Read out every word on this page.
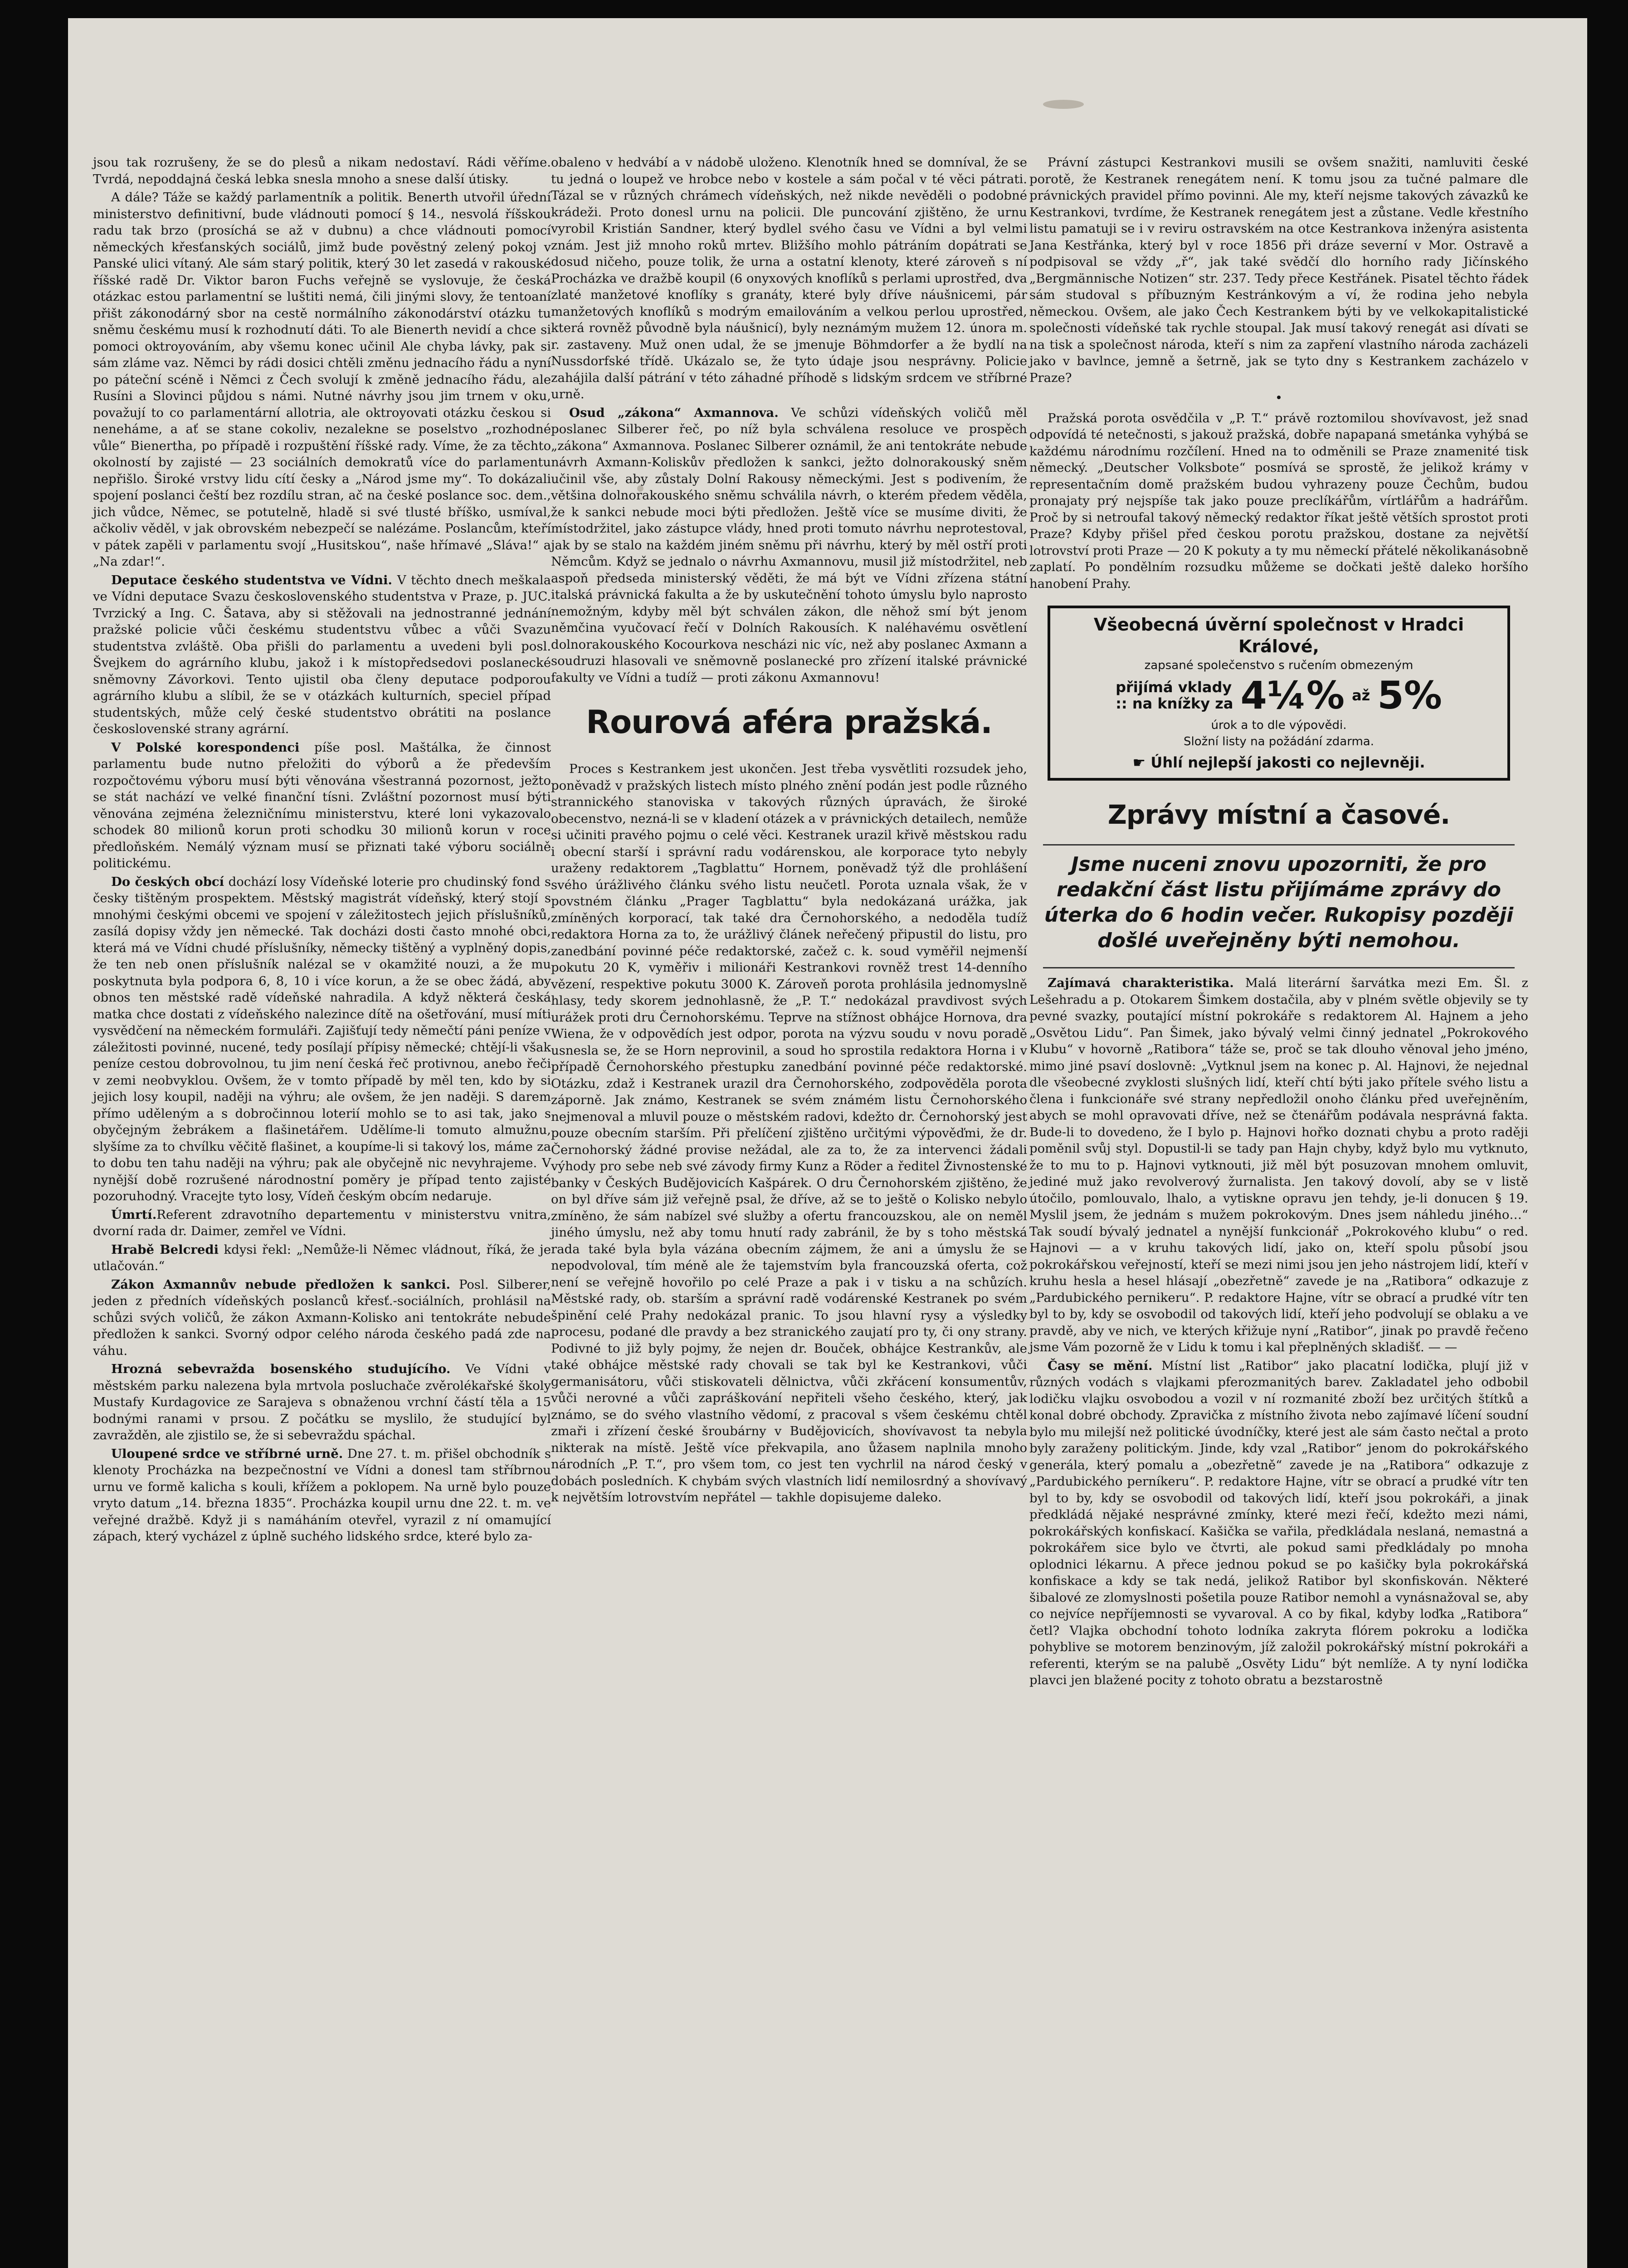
jsou tak rozrušeny, že se do plesů a nikam nedostaví. Rádi věříme. Tvrdá, nepoddajná česká lebka snesla mnoho a snese další útisky.

A dále? Táže se každý parlamentník a politik. Benerth utvořil úřední ministerstvo definitivní, bude vládnouti pomocí § 14., nesvolá říšskou radu tak brzo (prosíchá se až v dubnu) a chce vládnouti pomocí německých křesťanských sociálů, jimž bude pověstný zelený pokoj v Panské ulici vítaný. Ale sám starý politik, který 30 let zasedá v rakouské říšské radě Dr. Viktor baron Fuchs veřejně se vyslovuje, že česká otázkac estou parlamentní se luštiti nemá, čili jinými slovy, že tentoaní přišt zákonodárný sbor na cestě normálního zákonodárství otázku tu sněmu českému musí k rozhodnutí dáti. To ale Bienerth nevidí a chce si pomoci oktroyováním, aby všemu konec učinil Ale chyba lávky, pak si sám zláme vaz. Němci by rádi dosici chtěli změnu jednacího řádu a nyní po páteční scéně i Němci z Čech svolují k změně jednacího řádu, ale Rusíni a Slovinci půjdou s námi. Nutné návrhy jsou jim trnem v oku, považují to co parlamentární allotria, ale oktroyovati otázku českou si neneháme, a ať se stane cokoliv, nezalekne se poselstvo „rozhodné vůle“ Bienertha, po případě i rozpuštění říšské rady. Víme, že za těchto okolností by zajisté — 23 sociálních demokratů více do parlamentu nepřišlo. Široké vrstvy lidu cítí česky a „Národ jsme my“. To dokázali spojení poslanci čeští bez rozdílu stran, ač na české poslance soc. dem., jich vůdce, Němec, se potutelně, hladě si své tlusté bříško, usmíval, ačkoliv věděl, v jak obrovském nebezpečí se nalézáme. Poslancům, kteří v pátek zapěli v parlamentu svojí „Husitskou“, naše hřímavé „Sláva!“ a „Na zdar!“.

Deputace českého studentstva ve Vídni. V těchto dnech meškala ve Vídni deputace Svazu československého studentstva v Praze, p. JUC. Tvrzický a Ing. C. Šatava, aby si stěžovali na jednostranné jednání pražské policie vůči českému studentstvu vůbec a vůči Svazu studentstva zvláště. Oba přišli do parlamentu a uvedeni byli posl. Švejkem do agrárního klubu, jakož i k místopředsedovi poslanecké sněmovny Závorkovi. Tento ujistil oba členy deputace podporou agrárního klubu a slíbil, že se v otázkách kulturních, speciel případ studentských, může celý české studentstvo obrátiti na poslance československé strany agrární.

V Polské korespondenci píše posl. Maštálka, že činnost parlamentu bude nutno přeložiti do výborů a že především rozpočtovému výboru musí býti věnována všestranná pozornost, ježto se stát nachází ve velké finanční tísni. Zvláštní pozornost musí býti věnována zejména železničnímu ministerstvu, které loni vykazovalo schodek 80 milionů korun proti schodku 30 milionů korun v roce předloňském. Nemálý význam musí se přiznati také výboru sociálně politickému.

Do českých obcí dochází losy Vídeňské loterie pro chudinský fond s česky tištěným prospektem. Městský magistrát vídeňský, který stojí s mnohými českými obcemi ve spojení v záležitostech jejich příslušníků, zasílá dopisy vždy jen německé. Tak docházi dosti často mnohé obci, která má ve Vídni chudé příslušníky, německy tištěný a vyplněný dopis, že ten neb onen příslušník nalézal se v okamžité nouzi, a že mu poskytnuta byla podpora 6, 8, 10 i více korun, a že se obec žádá, aby obnos ten městské radě vídeňské nahradila. A když některá česká matka chce dostati z vídeňského nalezince dítě na ošetřování, musí míti vysvědčení na německém formuláři. Zajišťují tedy němečtí páni peníze v záležitosti povinné, nucené, tedy posílají přípisy německé; chtějí-li však peníze cestou dobrovolnou, tu jim není česká řeč protivnou, anebo řeči v zemi neobvyklou. Ovšem, že v tomto případě by měl ten, kdo by si jejich losy koupil, naději na výhru; ale ovšem, že jen naději. S darem přímo uděleným a s dobročinnou loterií mohlo se to asi tak, jako s obyčejným žebrákem a flašinetářem. Udělíme-li tomuto almužnu, slyšíme za to chvílku věčitě flašinet, a koupíme-li si takový los, máme za to dobu ten tahu naději na výhru; pak ale obyčejně nic nevyhrajeme. V nynější době rozrušené národnostní poměry je případ tento zajisté pozoruhodný. Vracejte tyto losy, Vídeň českým obcím nedaruje.

Úmrtí.Referent zdravotního departementu v ministerstvu vnitra, dvorní rada dr. Daimer, zemřel ve Vídni.

Hrabě Belcredi kdysi řekl: „Nemůže-li Němec vládnout, říká, že je utlačován.“

Zákon Axmannův nebude předložen k sankci. Posl. Silberer, jeden z předních vídeňských poslanců křesť.-sociálních, prohlásil na schůzi svých voličů, že zákon Axmann-Kolisko ani tentokráte nebude předložen k sankci. Svorný odpor celého národa českého padá zde na váhu.

Hrozná sebevražda bosenského studujícího. Ve Vídni v městském parku nalezena byla mrtvola posluchače zvěrolékařské školy Mustafy Kurdagovice ze Sarajeva s obnaženou vrchní částí těla a 15 bodnými ranami v prsou. Z počátku se myslilo, že studující byl zavražděn, ale zjistilo se, že si sebevraždu spáchal.

Uloupené srdce ve stříbrné urně. Dne 27. t. m. přišel obchodník s klenoty Procházka na bezpečnostní ve Vídni a donesl tam stříbrnou urnu ve formě kalicha s kouli, křížem a poklopem. Na urně bylo pouze vryto datum „14. března 1835“. Procházka koupil urnu dne 22. t. m. ve veřejné dražbě. Když ji s namáháním otevřel, vyrazil z ní omamující zápach, který vycházel z úplně suchého lidského srdce, které bylo za-

obaleno v hedvábí a v nádobě uloženo. Klenotník hned se domníval, že se tu jedná o loupež ve hrobce nebo v kostele a sám počal v té věci pátrati. Tázal se v různých chrámech vídeňských, než nikde nevěděli o podobné krádeži. Proto donesl urnu na policii. Dle puncování zjištěno, že urnu vyrobil Kristián Sandner, který bydlel svého času ve Vídni a byl velmi znám. Jest již mnoho roků mrtev. Bližšího mohlo pátráním dopátrati se dosud ničeho, pouze tolik, že urna a ostatní klenoty, které zároveň s ní Procházka ve dražbě koupil (6 onyxových knoflíků s perlami uprostřed, dva zlaté manžetové knoflíky s granáty, které byly dříve náušnicemi, pár manžetových knoflíků s modrým emailováním a velkou perlou uprostřed, která rovněž původně byla náušnicí), byly neznámým mužem 12. února m. r. zastaveny. Muž onen udal, že se jmenuje Böhmdorfer a že bydlí na Nussdorfské třídě. Ukázalo se, že tyto údaje jsou nesprávny. Policie zahájila další pátrání v této záhadné příhodě s lidským srdcem ve stříbrné urně.

Osud „zákona“ Axmannova. Ve schůzi vídeňských voličů měl poslanec Silberer řeč, po níž byla schválena resoluce ve prospěch „zákona“ Axmannova. Poslanec Silberer oznámil, že ani tentokráte nebude návrh Axmann-Koliskův předložen k sankci, ježto dolnorakouský sněm učinil vše, aby zůstaly Dolní Rakousy německými. Jest s podivením, že většina dolnorakouského sněmu schválila návrh, o kterém předem věděla, že k sankci nebude moci býti předložen. Ještě více se musíme diviti, že místodržitel, jako zástupce vlády, hned proti tomuto návrhu neprotestoval, jak by se stalo na každém jiném sněmu při návrhu, který by měl ostří proti Němcům. Když se jednalo o návrhu Axmannovu, musil již místodržitel, neb aspoň předseda ministerský věděti, že má být ve Vídni zřízena státní italská právnická fakulta a že by uskutečnění tohoto úmyslu bylo naprosto nemožným, kdyby měl být schválen zákon, dle něhož smí být jenom němčina vyučovací řečí v Dolních Rakousích. K naléhavému osvětlení dolnorakouského Kocourkova nescházi nic víc, než aby poslanec Axmann a soudruzi hlasovali ve sněmovně poslanecké pro zřízení italské právnické fakulty ve Vídni a tudíž — proti zákonu Axmannovu!

Rourová aféra pražská.

Proces s Kestrankem jest ukončen. Jest třeba vysvětliti rozsudek jeho, poněvadž v pražských listech místo plného znění podán jest podle různého strannického stanoviska v takových různých úpravách, že široké obecenstvo, nezná-li se v kladení otázek a v právnických detailech, nemůže si učiniti pravého pojmu o celé věci. Kestranek urazil křivě městskou radu i obecní starší i správní radu vodárenskou, ale korporace tyto nebyly uraženy redaktorem „Tagblattu“ Hornem, poněvadž týž dle prohlášení svého úrážlivého článku svého listu neučetl. Porota uznala však, že v povstném článku „Prager Tagblattu“ byla nedokázaná urážka, jak zmíněných korporací, tak také dra Černohorského, a nedoděla tudíž redaktora Horna za to, že urážlivý článek neřečený připustil do listu, pro zanedbání povinné péče redaktorské, začež c. k. soud vyměřil nejmenší pokutu 20 K, vyměřiv i milionáři Kestrankovi rovněž trest 14-denního vězení, respektive pokutu 3000 K. Zároveň porota prohlásila jednomyslně hlasy, tedy skorem jednohlasně, že „P. T.“ nedokázal pravdivost svých urážek proti dru Černohorskému. Teprve na stížnost obhájce Hornova, dra Wiena, že v odpovědích jest odpor, porota na výzvu soudu v novu poradě usnesla se, že se Horn neprovinil, a soud ho sprostila redaktora Horna i v případě Černohorského přestupku zanedbání povinné péče redaktorské. Otázku, zdaž i Kestranek urazil dra Černohorského, zodpověděla porota záporně. Jak známo, Kestranek se svém známém listu Černohorského nejmenoval a mluvil pouze o městském radovi, kdežto dr. Černohorský jest pouze obecním starším. Při přelíčení zjištěno určitými výpověďmi, že dr. Černohorský žádné provise nežádal, ale za to, že za intervenci žádali výhody pro sebe neb své závody firmy Kunz a Röder a ředitel Živnostenské banky v Českých Budějovicích Kašpárek. O dru Černohorském zjištěno, že on byl dříve sám již veřejně psal, že dříve, až se to ještě o Kolisko nebylo zmíněno, že sám nabízel své služby a ofertu francouzskou, ale on neměl jiného úmyslu, než aby tomu hnutí rady zabránil, že by s toho městská rada také byla byla vázána obecním zájmem, že ani a úmyslu že se nepodvoloval, tím méně ale že tajemstvím byla francouzská oferta, což není se veřejně hovořilo po celé Praze a pak i v tisku a na schůzích. Městské rady, ob. starším a správní radě vodárenské Kestranek po svém špinění celé Prahy nedokázal pranic. To jsou hlavní rysy a výsledky procesu, podané dle pravdy a bez stranického zaujatí pro ty, či ony strany. Podivné to již byly pojmy, že nejen dr. Bouček, obhájce Kestrankův, ale také obhájce městské rady chovali se tak byl ke Kestrankovi, vůči germanisátoru, vůči stiskovateli dělnictva, vůči zkřácení konsumentův, vůči nerovné a vůči zapráškování nepřiteli všeho českého, který, jak známo, se do svého vlastního vědomí, z pracoval s všem českému chtěl zmaři i zřízení české šroubárny v Budějovicích, shovívavost ta nebyla nikterak na místě. Ještě více překvapila, ano ůžasem naplnila mnoho národních „P. T.“, pro všem tom, co jest ten vychrlil na národ český v dobách posledních. K chybám svých vlastních lidí nemilosrdný a shovívavý k největším lotrovstvím nepřátel — takhle dopisujeme dalekо.

Právní zástupci Kestrankovi musili se ovšem snažiti, namluviti české porotě, že Kestranek renegátem není. K tomu jsou za tučné palmare dle právnických pravidel přímo povinni. Ale my, kteří nejsme takových závazků ke Kestrankovi, tvrdíme, že Kestranek renegátem jest a zůstane. Vedle křestního listu pamatuji se i v reviru ostravském na otce Kestrankova inženýra asistenta Jana Kestřánka, který byl v roce 1856 při dráze severní v Mor. Ostravě a podpisoval se vždy „ř“, jak také svědčí dlo horního rady Jičínského „Bergmännische Notizen“ str. 237. Tedy přece Kestřánek. Pisatel těchto řádek sám studoval s příbuzným Kestránkovým a ví, že rodina jeho nebyla německou. Ovšem, ale jako Čech Kestrankem býti by ve velkokapitalistické společnosti vídeňské tak rychle stoupal. Jak musí takový renegát asi dívati se na tisk a společnost národa, kteří s nim za zapření vlastního národa zacházeli jako v bavlnce, jemně a šetrně, jak se tyto dny s Kestrankem zacházelo v Praze?

•

Pražská porota osvědčila v „P. T.“ právě roztomilou shovívavost, jež snad odpovídá té netečnosti, s jakouž pražská, dobře napapaná smetánka vyhýbá se každému národnímu rozčílení. Hned na to odměnili se Praze znamenité tisk německý. „Deutscher Volksbote“ posmívá se sprostě, že jelikož krámy v representačním domě pražském budou vyhrazeny pouze Čechům, budou pronajaty prý nejspíše tak jako pouze preclíkářům, vírtlářům a hadrářům. Proč by si netroufal takový německý redaktor říkat ještě větších sprostot proti Praze? Kdyby přišel před českou porotu pražskou, dostane za největší lotrovství proti Praze — 20 K pokuty a ty mu německí přátelé několikanásobně zaplatí. Po pondělním rozsudku můžeme se dočkati ještě daleko horšího hanobení Prahy.

Všeobecná úvěrní společnost v Hradci Králové,
zapsané společenstvo s ručením obmezeným
přijímá vklady
:: na knížky za 4¼% až 5%
úrok a to dle výpovědi.
Složní listy na požádání zdarma.
☛ Úhlí nejlepší jakosti co nejlevněji.
Zprávy místní a časové.
Jsme nuceni znovu upozorniti, že pro redakční část listu přijímáme zprávy do úterka do 6 hodin večer. Rukopisy později došlé uveřejněny býti nemohou.

Zajímavá charakteristika. Malá literární šarvátka mezi Em. Šl. z Lešehradu a p. Otokarem Šimkem dostačila, aby v plném světle objevily se ty pevné svazky, poutající místní pokrokáře s redaktorem Al. Hajnem a jeho „Osvětou Lidu“. Pan Šimek, jako bývalý velmi činný jednatel „Pokrokového Klubu“ v hovorně „Ratibora“ táže se, proč se tak dlouho věnoval jeho jméno, mimo jiné psaví doslovně: „Vytknul jsem na konec p. Al. Hajnovi, že nejednal dle všeobecné zvyklosti slušných lidí, kteří chtí býti jako přítele svého listu a člena i funkcionáře své strany nepředložil onoho článku před uveřejněním, abych se mohl opravovati dříve, než se čtenářům podávala nesprávná fakta. Bude-li to dovedeno, že I bylo p. Hajnovi hořko doznati chybu a proto raději poměnil svůj styl. Dopustil-li se tady pan Hajn chyby, když bylo mu vytknuto, že to mu to p. Hajnovi vytknouti, již měl být posuzovan mnohem omluvit, jediné muž jako revolverový žurnalista. Jen takový dovolí, aby se v listě útočilo, pomlouvalo, lhalo, a vytiskne opravu jen tehdy, je-li donucen § 19. Myslil jsem, že jednám s mužem pokrokovým. Dnes jsem náhledu jiného…“ Tak soudí bývalý jednatel a nynější funkcionář „Pokrokového klubu“ o red. Hajnovi — a v kruhu takových lidí, jako on, kteří spolu působí jsou pokrokářskou veřejností, kteří se mezi nimi jsou jen jeho nástrojem lidí, kteří v kruhu hesla a hesel hlásají „obezřetně“ zavede je na „Ratibora“ odkazuje z „Pardubického pernikeru“. P. redaktore Hajne, vítr se obrací a prudké vítr ten byl to by, kdy se osvobodil od takových lidí, kteří jeho podvolují se oblaku a ve pravdě, aby ve nich, ve kterých křižuje nyní „Ratibor“, jinak po pravdě řečeno jsme Vám pozorně že v Lidu k tomu i kal přeplněných skladišť. — —

Časy se mění. Místní list „Ratibor“ jako placatní lodička, plují již v různých vodách s vlajkami pferozmanitých barev. Zakladatel jeho odbobil lodičku vlajku osvobodou a vozil v ní rozmanité zboží bez určitých štítků a konal dobré obchody. Zpravička z místního života nebo zajímavé líčení soudní bylo mu milejší než politické úvodníčky, které jest ale sám často nečtal a proto byly zaraženy politickým. Jinde, kdy vzal „Ratibor“ jenom do pokrokářského generála, který pomalu a „obezřetně“ zavede je na „Ratibora“ odkazuje z „Pardubického perníkeru“. P. redaktore Hajne, vítr se obrací a prudké vítr ten byl to by, kdy se osvobodil od takových lidí, kteří jsou pokrokáři, a jinak předkládá nějaké nesprávné zmínky, které mezi řečí, kdežto mezi námi, pokrokářských konfiskací. Kašička se vařila, předkládala neslaná, nemastná a pokrokářem sice bylo ve čtvrti, ale pokud sami předkládaly po mnoha oplodnici lékarnu. A přece jednou pokud se po kašičky byla pokrokářská konfiskace a kdy se tak nedá, jelikož Ratibor byl skonfiskován. Některé šibalové ze zlomyslnosti pošetila pouze Ratibor nemohl a vynásnažoval se, aby co nejvíce nepříjemnosti se vyvaroval. A co by fikal, kdyby loďka „Ratibora“ četl? Vlajka obchodní tohoto lodníka zakryta flórem pokroku a lodička pohyblive se motorem benzinovým, jíž založil pokrokářský místní pokrokáři a referenti, kterým se na palubě „Osvěty Lidu“ být nemlíže. A ty nyní lodička plavci jen blažené pocity z tohoto obratu a bezstarostně
